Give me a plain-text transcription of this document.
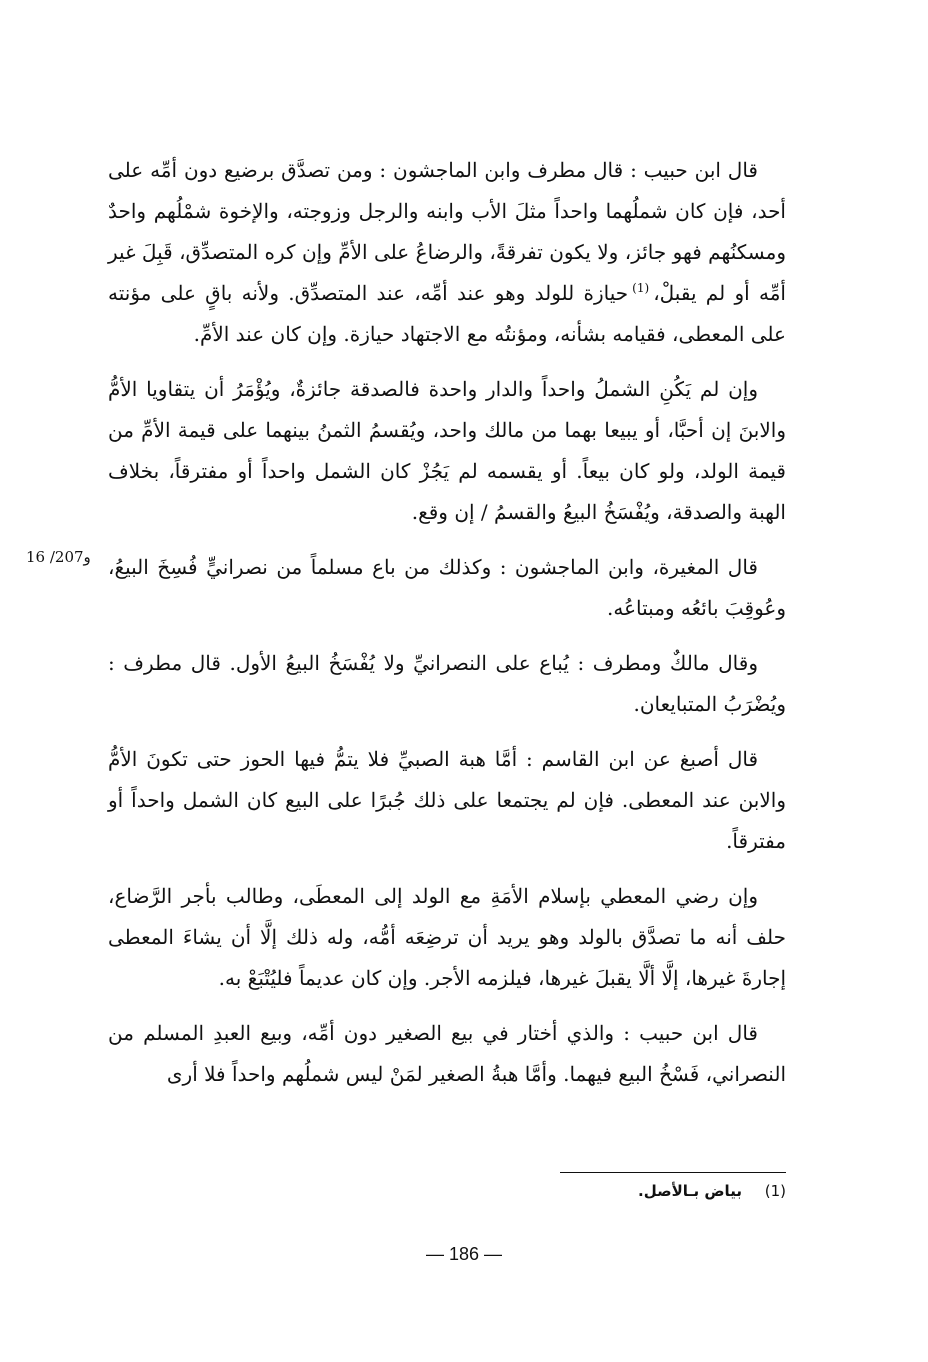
قال ابن حبيب : قال مطرف وابن الماجشون : ومن تصدَّق برضيع دون أمِّه على أحد، فإن كان شملُهما واحداً مثلَ الأب وابنه والرجل وزوجته، والإخوة شمْلُهم واحدٌ ومسكنُهم فهو جائز، ولا يكون تفرقةً، والرضاعُ على الأمِّ وإن كره المتصدِّق، قَبِلَ غير أمِّه أو لم يقبلْ،$^{(1)}$حيازة للولد وهو عند أمِّه، عند المتصدِّق. ولأنه باقٍ على مؤنته على المعطى، فقيامه بشأنه، ومؤنتُه مع الاجتهاد حيازة. وإن كان عند الأمِّ.

وإن لم يَكُنِ الشملُ واحداً والدار واحدة فالصدقة جائزةٌ، ويُؤْمَرُ أن يتقاويا الأمُّ والابنَ إن أحبَّا، أو يبيعا بهما من مالك واحد، ويُقسمُ الثمنُ بينهما على قيمة الأمِّ من قيمة الولد، ولو كان بيعاً. أو يقسمه لم يَجُزْ كان الشمل واحداً أو مفترقاً، بخلاف الهبة والصدقة، ويُفْسَخُ البيعُ والقسمُ / إن وقع.

قال المغيرة، وابن الماجشون : وكذلك من باع مسلماً من نصرانيٍّ فُسِخَ البيعُ، وعُوقِبَ بائعُه ومبتاعُه.

وقال مالكٌ ومطرف : يُباع على النصرانيِّ ولا يُفْسَخُ البيعُ الأول. قال مطرف : ويُضْرَبُ المتبايعان.

قال أصبغ عن ابن القاسم : أمَّا هبة الصبيِّ فلا يتمُّ فيها الحوز حتى تكونَ الأمُّ والابن عند المعطى. فإن لم يجتمعا على ذلك جُبرًا على البيع كان الشمل واحداً أو مفترقاً.

وإن رضي المعطي بإسلام الأمَةِ مع الولد إلى المعطَى، وطالب بأجر الرَّضاع، حلف أنه ما تصدَّق بالولد وهو يريد أن ترضِعَه أمُّه، وله ذلك إلَّا أن يشاءَ المعطى إجارةَ غيرها، إلَّا ألَّا يقبلَ غيرها، فيلزمه الأجر. وإن كان عديماً فليُتْبَعْ به.

قال ابن حبيب : والذي أختار في بيع الصغير دون أمِّه، وبيع العبدِ المسلم من النصراني، فَسْخُ البيع فيهما. وأمَّا هبةُ الصغير لمَنْ ليس شملُهم واحداً فلا أرى

16 /207و
(1) بياض بـالأصل.
— 186 —
